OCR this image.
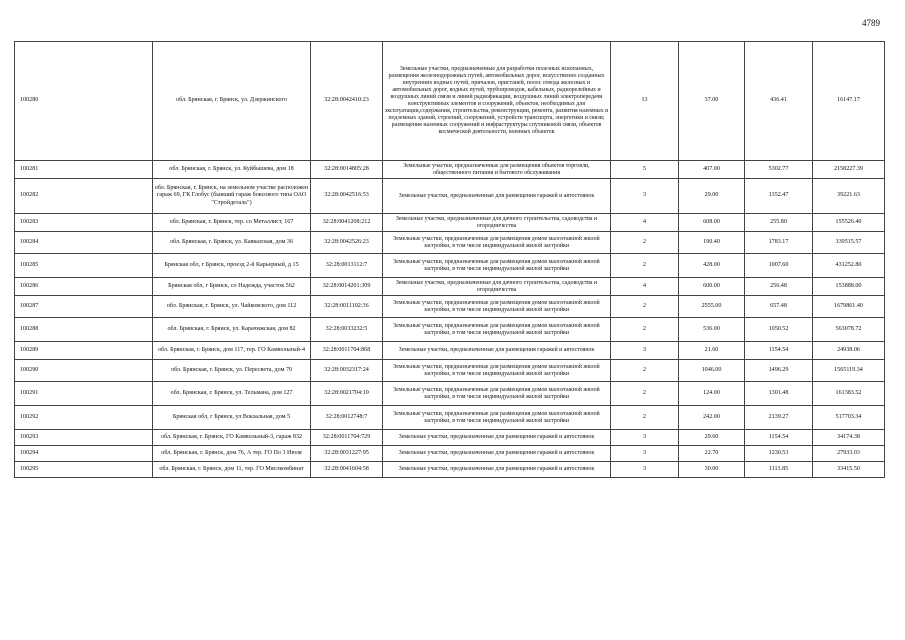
4789
100280	обл. Брянская, г. Брянск, ул. Дзержинского	32:28:0042410:23	Земельные участки, предназначенные для разработки полезных ископаемых, размещения железнодорожных путей, автомобильных дорог, искусственно созданных внутренних водных путей, причалов, пристаней, полос отвода железных и автомобильных дорог, водных путей, трубопроводов, кабельных, радиорелейных и воздушных линий связи и линий радиофикации, воздушных линий электропередачи конструктивных элементов и сооружений, объектов, необходимых для эксплуатации,содержания, строительства, реконструкции, ремонта, развития наземных и подземных зданий, строений, сооружений, устройств транспорта, энергетики и связи; размещения наземных сооружений и инфраструктуры спутниковой связи, объектов космической деятельности, военных объектов	13	37.00	436.41	16147.17
100281	обл. Брянская, г. Брянск, ул. Куйбышева, дом 18	32:28:0014805:28	Земельные участки, предназначенные для размещения объектов торговли, общественного питания и бытового обслуживания	5	407.00	5302.77	2158227.39
100282	обл. Брянская, г. Брянск, на земельном участке расположен гараж 69, ГК Глобус (бывший гараж боксового типа ОАО "Стройдеталь")	32:28:0042516:53	Земельные участки, предназначенные для размещения гаражей и автостоянок	3	29.00	1352.47	39221.63
100283	обл. Брянская, г. Брянск, тер. со Металлист, 167	32:28:0041208:212	Земельные участки, предназначенные для дачного строительства, садоводства и огородничества	4	608.00	255.80	155526.40
100284	обл. Брянская, г. Брянск, ул. Кавказская, дом 36	32:28:0042526:23	Земельные участки, предназначенные для размещения домов малоэтажной жилой застройки, в том числе индивидуальной жилой застройки	2	190.40	1783.17	339515.57
100285	Брянская обл, г Брянск, проезд 2-й Карьерный, д 15	32:28:0013112:7	Земельные участки, предназначенные для размещения домов малоэтажной жилой застройки, в том числе индивидуальной жилой застройки	2	428.00	1007.60	431252.80
100286	Брянская обл, г Брянск, со Надежда, участок 562	32:28:0014201:309	Земельные участки, предназначенные для дачного строительства, садоводства и огородничества	4	600.00	256.48	153888.00
100287	обл. Брянская, г. Брянск, ул. Чайковского, дом 112	32:28:0011102:36	Земельные участки, предназначенные для размещения домов малоэтажной жилой застройки, в том числе индивидуальной жилой застройки	2	2555.00	657.48	1679861.40
100288	обл. Брянская, г. Брянск, ул. Карачижская, дом 82	32:28:0033232:5	Земельные участки, предназначенные для размещения домов малоэтажной жилой застройки, в том числе индивидуальной жилой застройки	2	536.00	1050.52	563078.72
100289	обл. Брянская, г. Брянск, дом 117, тер. ГО Камвольный-4	32:28:0011704:868	Земельные участки, предназначенные для размещения гаражей и автостоянок	3	21.60	1154.54	24938.06
100290	обл. Брянская, г. Брянск, ул. Пересвета, дом 70	32:28:0032317:24	Земельные участки, предназначенные для размещения домов малоэтажной жилой застройки, в том числе индивидуальной жилой застройки	2	1046.00	1496.29	1565119.34
100291	обл. Брянская, г. Брянск, ул. Тельмана, дом 127	32:28:0021704:10	Земельные участки, предназначенные для размещения домов малоэтажной жилой застройки, в том числе индивидуальной жилой застройки	2	124.00	1301.48	161383.52
100292	Брянская обл, г Брянск, ул Вокзальная, дом 5	32:28:0012748:7	Земельные участки, предназначенные для размещения домов малоэтажной жилой застройки, в том числе индивидуальной жилой застройки	2	242.00	2139.27	517703.34
100293	обл. Брянская, г. Брянск, ГО Камвольный-3, гараж 832	32:28:0011704:729	Земельные участки, предназначенные для размещения гаражей и автостоянок	3	29.60	1154.54	34174.38
100294	обл. Брянская, г. Брянск, дом 76, А тер. ГО По 3 Июля	32:28:0031227:95	Земельные участки, предназначенные для размещения гаражей и автостоянок	3	22.70	1230.53	27933.03
100295	обл. Брянская, г. Брянск, дом 11, тер. ГО Мясокомбинат	32:28:0041604:58	Земельные участки, предназначенные для размещения гаражей и автостоянок	3	30.00	1113.85	33415.50
